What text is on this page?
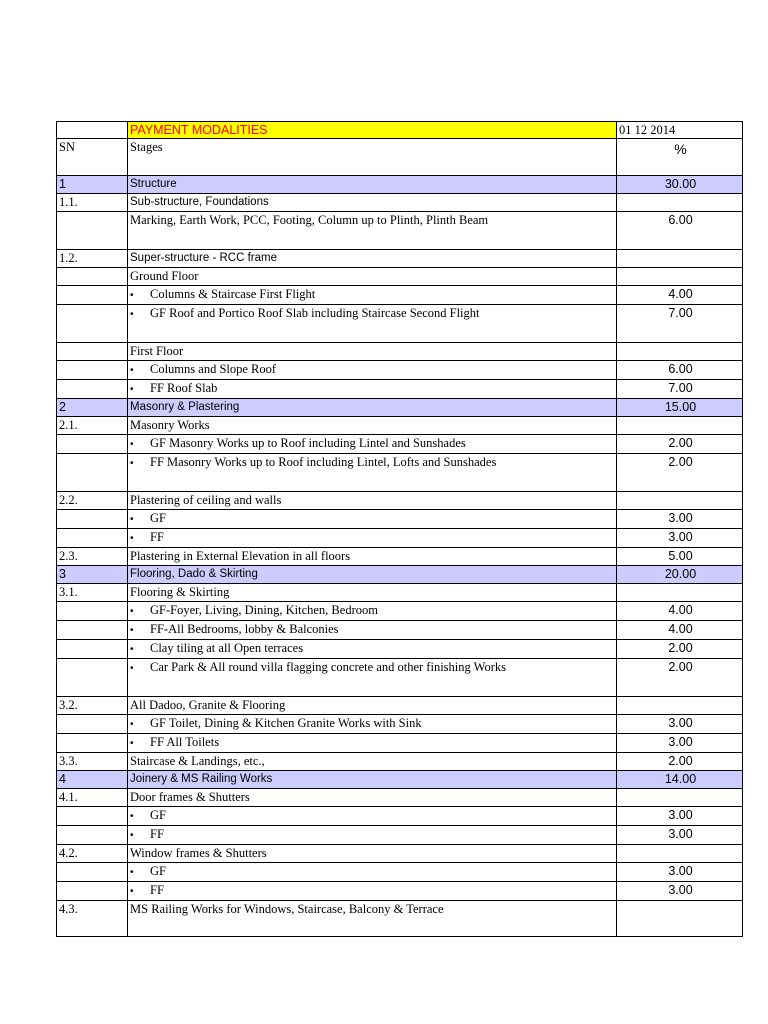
	PAYMENT MODALITIES	01 12 2014
SN	Stages	%
1	Structure	30.00
1.1.	Sub-structure, Foundations	
	Marking, Earth Work, PCC, Footing, Column up to Plinth, Plinth Beam	6.00
1.2.	Super-structure - RCC frame	
	Ground Floor	
	• Columns & Staircase First Flight	4.00
	• GF Roof and Portico Roof Slab including Staircase Second Flight	7.00
	First Floor	
	• Columns and Slope Roof	6.00
	• FF Roof Slab	7.00
2	Masonry & Plastering	15.00
2.1.	Masonry Works	
	• GF Masonry Works up to Roof including Lintel and Sunshades	2.00
	• FF Masonry Works up to Roof including Lintel, Lofts and Sunshades	2.00
2.2.	Plastering of ceiling and walls	
	• GF	3.00
	• FF	3.00
2.3.	Plastering in External Elevation in all floors	5.00
3	Flooring, Dado & Skirting	20.00
3.1.	Flooring & Skirting	
	• GF-Foyer, Living, Dining, Kitchen, Bedroom	4.00
	• FF-All Bedrooms, lobby & Balconies	4.00
	• Clay tiling at all Open terraces	2.00
	• Car Park & All round villa flagging concrete and other finishing Works	2.00
3.2.	All Dadoo, Granite & Flooring	
	• GF Toilet, Dining & Kitchen Granite Works with Sink	3.00
	• FF All Toilets	3.00
3.3.	Staircase & Landings, etc.,	2.00
4	Joinery & MS Railing Works	14.00
4.1.	Door frames & Shutters	
	• GF	3.00
	• FF	3.00
4.2.	Window frames & Shutters	
	• GF	3.00
	• FF	3.00
4.3.	MS Railing Works for Windows, Staircase, Balcony & Terrace	
